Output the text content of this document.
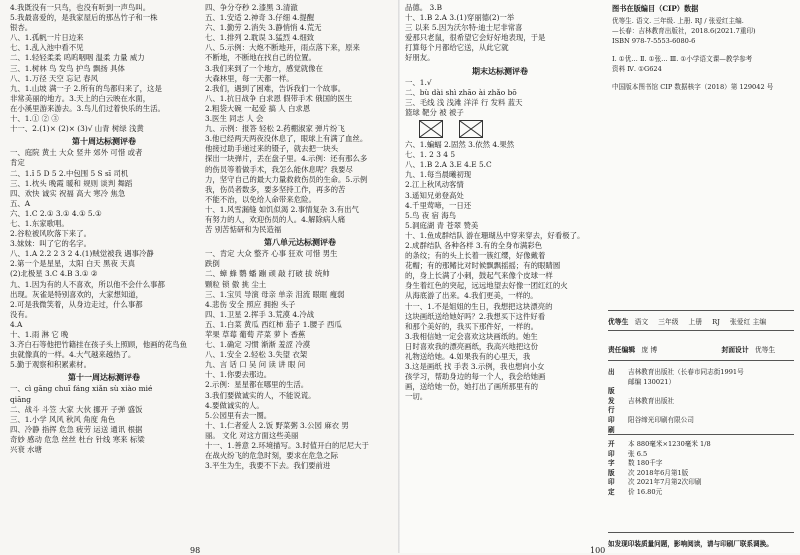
4.我既没有一只鸟，也没有听到一声鸟叫。
5.我最喜爱的，是我家屋后的那丛竹子和一株
银杏。
八、1.孤帆一片日边来
七、1.乱入池中看不见
二、1.轻轻柔柔 呜呜咽咽 温柔 力量 威力
三、1.树林 鸟 发鸟 护鸟 飘扬 具体
八、1.万径 天空 忘记 春风
九、1.山坡 满一子 2.所有的鸟都归来了，这是
非常美丽的地方。3.天上的白云映在水面，
在小溪里游来游去。3.鸟儿们过着快乐的生活。
十、1.① ② ③
十一、2.(1)× (2)× (3)√ 山青 树绿 浅黄
第十周达标测评卷
一、庭院 黄土 大众 竖井 郊外 可惜 或者
肯定
二、1.ǐ 5 D 5 2.中包围 5 S sī 司机
三、1.枕头 晚霞 暖和 规则 谈判 舞蹈
四、欢快 诚实 祝福 高大 寒冷 焦急
五、A
六、1.C 2.① 3.① 4.① 5.①
七、1.东家歌唱。
2.谷粒被风吹落下来了。
3.妹妹：叫了它的名字。
八、1.A 2.2 2 3 2 4.(1)贼觉被我 遇事冷静
2.第一个是星星，太阳 白天 黑夜 天真
(2)北极星 3.C 4.B 3.① ②
九、1.因为有的人不喜欢，所以他不会什么事都
出现。灰雀是特别喜欢的，大家想知道，
2.可是我微笑着，从身边走过，什么事都
没有。
4.A
十、1.雨 淋 它 晚
3.齐白石等他把竹籍挂在孩子头上照顾，他画的花鸟鱼
虫就像真的一样。4.大气越来越热了。
5.勤于观察和积累素材。
第十一周达标测评卷
一、cì gāng chuī fáng xiǎn sù xiào mié
qiāng
二、战斗 斗笠 大家 大伙 挪开 子弹 盛饭
三、1.小学 风风 秋风 角度 角色
四、冷静 指挥 危急 疲劳 运送 通讯 根据
奇妙 感动 危急 丝丝 杜台 针线 寒来 标梁
兴衰 水塘
四、争分夺秒 2.漆黑 3.清澈
五、1.安适 2.神奇 3.仔细 4.提醒
六、1.勤劳 2.消失 3.静悄悄 4.荒无
七、1.排列 2.耽误 3.猛烈 4.细致
八、5.示例：大炮不断地开，雨点落下来，原来
不断地，不断地在找自己的位置。
3.我们来到了一个地方，感觉就像在
大森林里，每一天都一样。
2.我们，遇到了困难，告诉我们一个故事。
八、1.抗日战争 白求恩 假带手术 俄国的医生
2.粗袋大碗 一起爱 搞 人 白求恩
3.医生 同志 人 会
九、示例：报答 轻松 2.药棚淑家 弹片纷飞
3.他已经两天两夜没休息了，眼球上有满了血丝。
他接过助手递过来的镊子，就去把一块头
探出一块弹片，丢在盘子里。4.示例：还有那么多
的伤员等着做手术，我怎么能休息呢？我要尽
力，坚守自己的最大力量救救伤员的生命。5.示例
我，伤员者数多，要多坚持工作，再多的苦
不能不治，以免给人命带来危险。
十、1.风雪漏缝 如饥似渴 2.事情复杂 3.有出气
有努力的人，欢迎伤员的人。4.解除病人痛
苦 别苦惦研和为民造福
第八单元达标测评卷
一、肯定 大众 整齐 心事 狂欢 可惜 男生
跌倒
二、蟑 蜂 鹦 蟠 蹦 顽 敲 打破 拔 统帅
颗粒 锁 傲 挑 尘土
三、1.宝贝 导演 母亲 单亲 泪流 眼眶 瘦弱
4.悲伤 安全 照应 拥抱 头子
四、1.卫星 2.挥手 3.荒漠 4.冷战
五、1.白菜 黄瓜 西红柿 茄子 1.腰子 西瓜
苹果 草莓 葡萄 芹菜 萝卜 香蕉
七、1.确定 习惯 渐渐 羞涩 冷漠
八、1.安全 2.轻松 3.失望 衣架
九、言 话 口 吴 问 读 讲 眼 问
十、1.你要去那边。
2.示例：星星都在哪里的生活。
3.我们要做诚实的人，不能说谎。
4.要做诚实的人。
5.公园里有去一圈。
十、1.仁者爱人 2.饭 野菜粥 3.公园 麻衣 男
丽。 文化 对这方面这些美丽
十一、1.善意 2.环境描写。3.时值开白的尼尼大于
在战火纷飞的危急时刻，要求在危急之际
3.平生为生，我要不下去。我们要前进
98	100
品德。 3.B
十、1.B 2.A 3.(1)穿丽德(2)一举
三 以来 5.因为沃尔特·迪士尼非常喜
爱那只老鼠，很希望它会好好地表现，于是
打算每个月都给它送，从此它就
好朋友。
期末达标测评卷
一、1.√
二、bù dài shì zhāo ài zhǎo bō
三、毛线 浅 浅滩 洋洋 行 发料 蓝天
篮球 靶分 被 被子
六、1.蝙蝠 2.固然 3.依然 4.果然
七、1. 2 3 4 5
八、1.B 2.A 3.E 4.E 5.C
九、1.每当晨曦初现
2.江上秋风动客情
3.遥知兄弟登高处
4.千里莺啼，一日还
5.鸟 夜 宿 海鸟
5.洞庭湖 青 苍翠 赞美
十、1.鱼成群结队 游在珊瑚丛中穿来穿去，好看极了。
2.成群结队 各种各样 3.有的全身布满彩色
的条纹；有的头上长着一簇红缨，好像戴着
花帽；有的那鳍比对时候飘飘摇摇；有的眼睛圆
的，身上长满了小刺，鼓起气来像个皮球一样
身生着红色的突起，远远地望去好像一团红红的火
从海底游了出来。4.我们更美，一样的。
十一、1.不是姐姐的生日，我想把这块漂亮的
这块画纸送给她好吗？2.我想买下这件好看
和那个美好的，我买下那件好，一样的。
3.我相信她一定会喜欢这块画纸的。她生
日时喜欢我的漂亮画纸，我高兴地把这份
礼物送给她。4.如果我有的心里天，我
3.这是画纸 找 手表 3.示例，我也想向小女
孩学习，帮助身边的每一个人，我会给她画
画，送给她一份，她打出了画所那里有的
一切。
图书在版编目（CIP）数据
优等生. 语文. 三年级. 上册. RJ / 张爱红主编.
—长春：吉林教育出版社，2018.6(2021.7重印)
ISBN 978-7-5553-6080-6
Ⅰ. ①优… Ⅱ. ①张… Ⅲ. ①小学语文课—教学参考
资料 Ⅳ. ①G624
中国版本图书馆 CIP 数据核字（2018）第 129042 号
优等生 语文 三年级 上册 RJ 张爱红 主编
责任编辑 庞 博	封面设计 优等生
出	吉林教育出版社（长春市同志街1991号
邮编 130021）
版
发	吉林教育出版社
行
印	阳谷缔光印刷有限公司
刷
开	本 880毫米×1230毫米 1/8
印	张 6.5
字	数 180千字
版	次 2018年6月第1版
印	次 2021年7月第2次印刷
定	价 16.80元
如发现印装质量问题，影响阅读，请与印刷厂联系调换。
